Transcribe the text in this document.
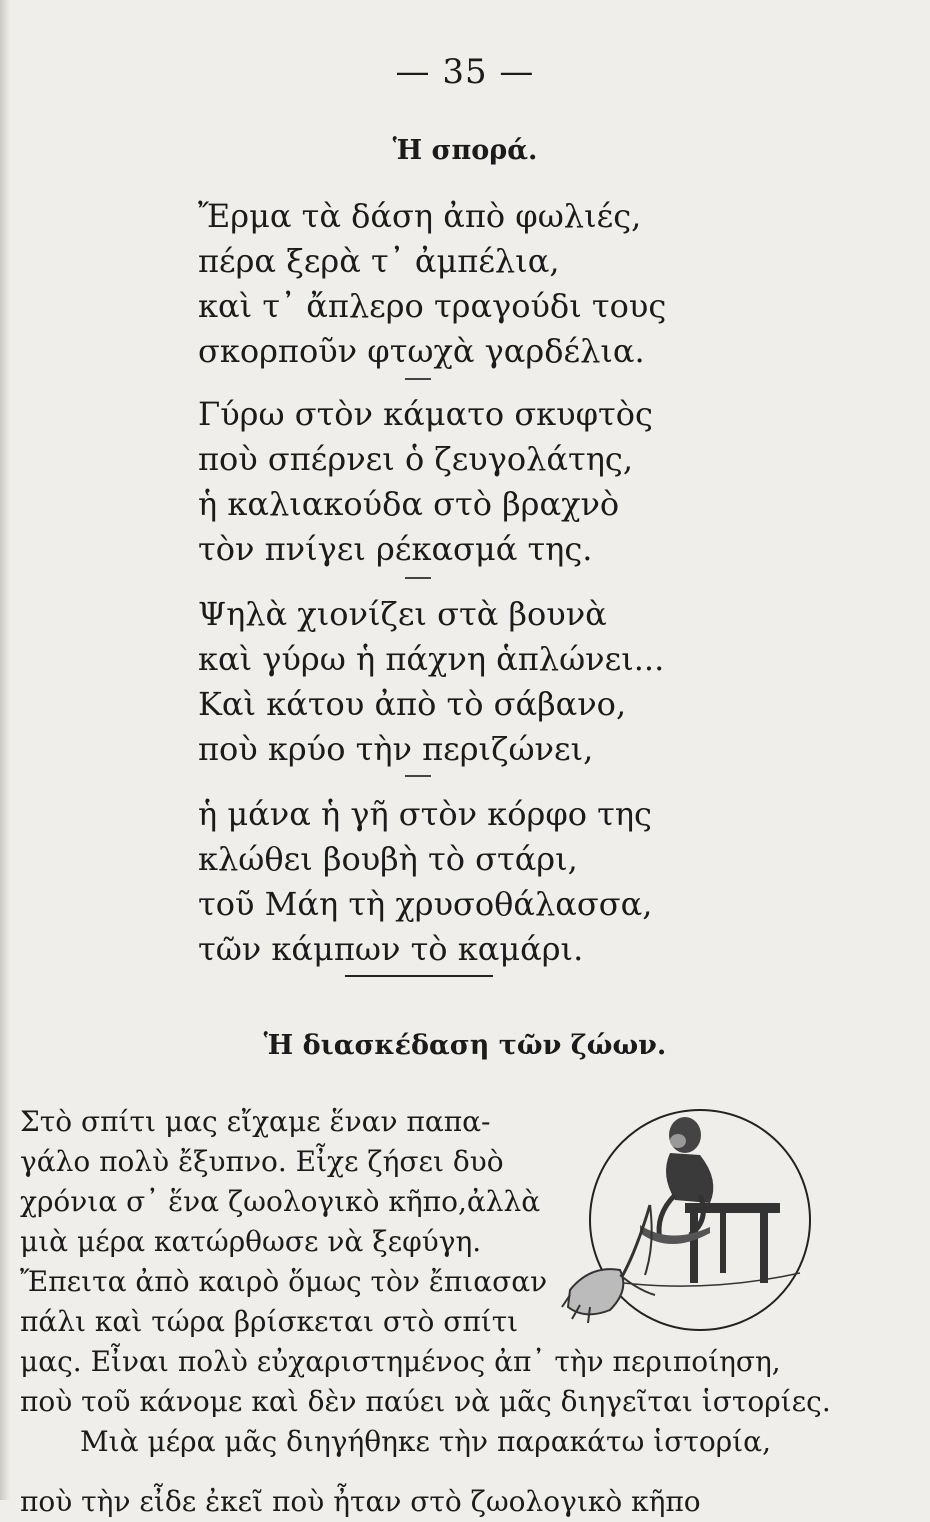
— 35 —
Ἡ σπορά.
Ἔρμα τὰ δάση ἀπὸ φωλιές,
πέρα ξερὰ τ᾿ ἀμπέλια,
καὶ τ᾿ ἄπλερο τραγούδι τους
σκορποῦν φτωχὰ γαρδέλια.
Γύρω στὸν κάματο σκυφτὸς
ποὺ σπέρνει ὁ ζευγολάτης,
ἡ καλιακούδα στὸ βραχνὸ
τὸν πνίγει ρέκασμά της.
Ψηλὰ χιονίζει στὰ βουνὰ
καὶ γύρω ἡ πάχνη ἁπλώνει...
Καὶ κάτου ἀπὸ τὸ σάβανο,
ποὺ κρύο τὴν περιζώνει,
ἡ μάνα ἡ γῆ στὸν κόρφο της
κλώθει βουβὴ τὸ στάρι,
τοῦ Μάη τὴ χρυσοθάλασσα,
τῶν κάμπων τὸ καμάρι.
Ἡ διασκέδαση τῶν ζώων.
Στὸ σπίτι μας εἴχαμε ἕναν παπα-
γάλο πολὺ ἔξυπνο. Εἶχε ζήσει δυὸ
χρόνια σ᾿ ἕνα ζωολογικὸ κῆπο,ἀλλὰ
μιὰ μέρα κατώρθωσε νὰ ξεφύγη.
Ἔπειτα ἀπὸ καιρὸ ὅμως τὸν ἔπιασαν
πάλι καὶ τώρα βρίσκεται στὸ σπίτι
μας. Εἶναι πολὺ εὐχαριστημένος ἀπ᾿ τὴν περιποίηση,
ποὺ τοῦ κάνομε καὶ δὲν παύει νὰ μᾶς διηγεῖται ἱστορίες.
Μιὰ μέρα μᾶς διηγήθηκε τὴν παρακάτω ἱστορία,
ποὺ τὴν εἶδε ἐκεῖ ποὺ ἦταν στὸ ζωολογικὸ κῆπο
